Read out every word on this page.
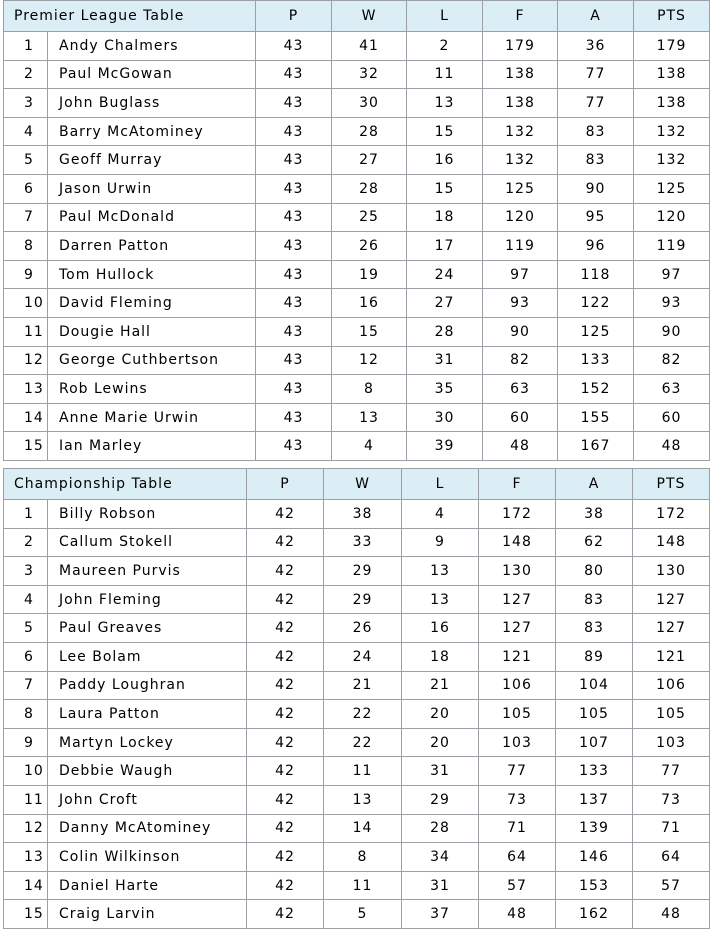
Premier League Table		P	W	L	F	A	PTS
1	Andy Chalmers	43	41	2	179	36	179
2	Paul McGowan	43	32	11	138	77	138
3	John Buglass	43	30	13	138	77	138
4	Barry McAtominey	43	28	15	132	83	132
5	Geoff Murray	43	27	16	132	83	132
6	Jason Urwin	43	28	15	125	90	125
7	Paul McDonald	43	25	18	120	95	120
8	Darren Patton	43	26	17	119	96	119
9	Tom Hullock	43	19	24	97	118	97
10	David Fleming	43	16	27	93	122	93
11	Dougie Hall	43	15	28	90	125	90
12	George Cuthbertson	43	12	31	82	133	82
13	Rob Lewins	43	8	35	63	152	63
14	Anne Marie Urwin	43	13	30	60	155	60
15	Ian Marley	43	4	39	48	167	48
Championship Table		P	W	L	F	A	PTS
1	Billy Robson	42	38	4	172	38	172
2	Callum Stokell	42	33	9	148	62	148
3	Maureen Purvis	42	29	13	130	80	130
4	John Fleming	42	29	13	127	83	127
5	Paul Greaves	42	26	16	127	83	127
6	Lee Bolam	42	24	18	121	89	121
7	Paddy Loughran	42	21	21	106	104	106
8	Laura Patton	42	22	20	105	105	105
9	Martyn Lockey	42	22	20	103	107	103
10	Debbie Waugh	42	11	31	77	133	77
11	John Croft	42	13	29	73	137	73
12	Danny McAtominey	42	14	28	71	139	71
13	Colin Wilkinson	42	8	34	64	146	64
14	Daniel Harte	42	11	31	57	153	57
15	Craig Larvin	42	5	37	48	162	48
